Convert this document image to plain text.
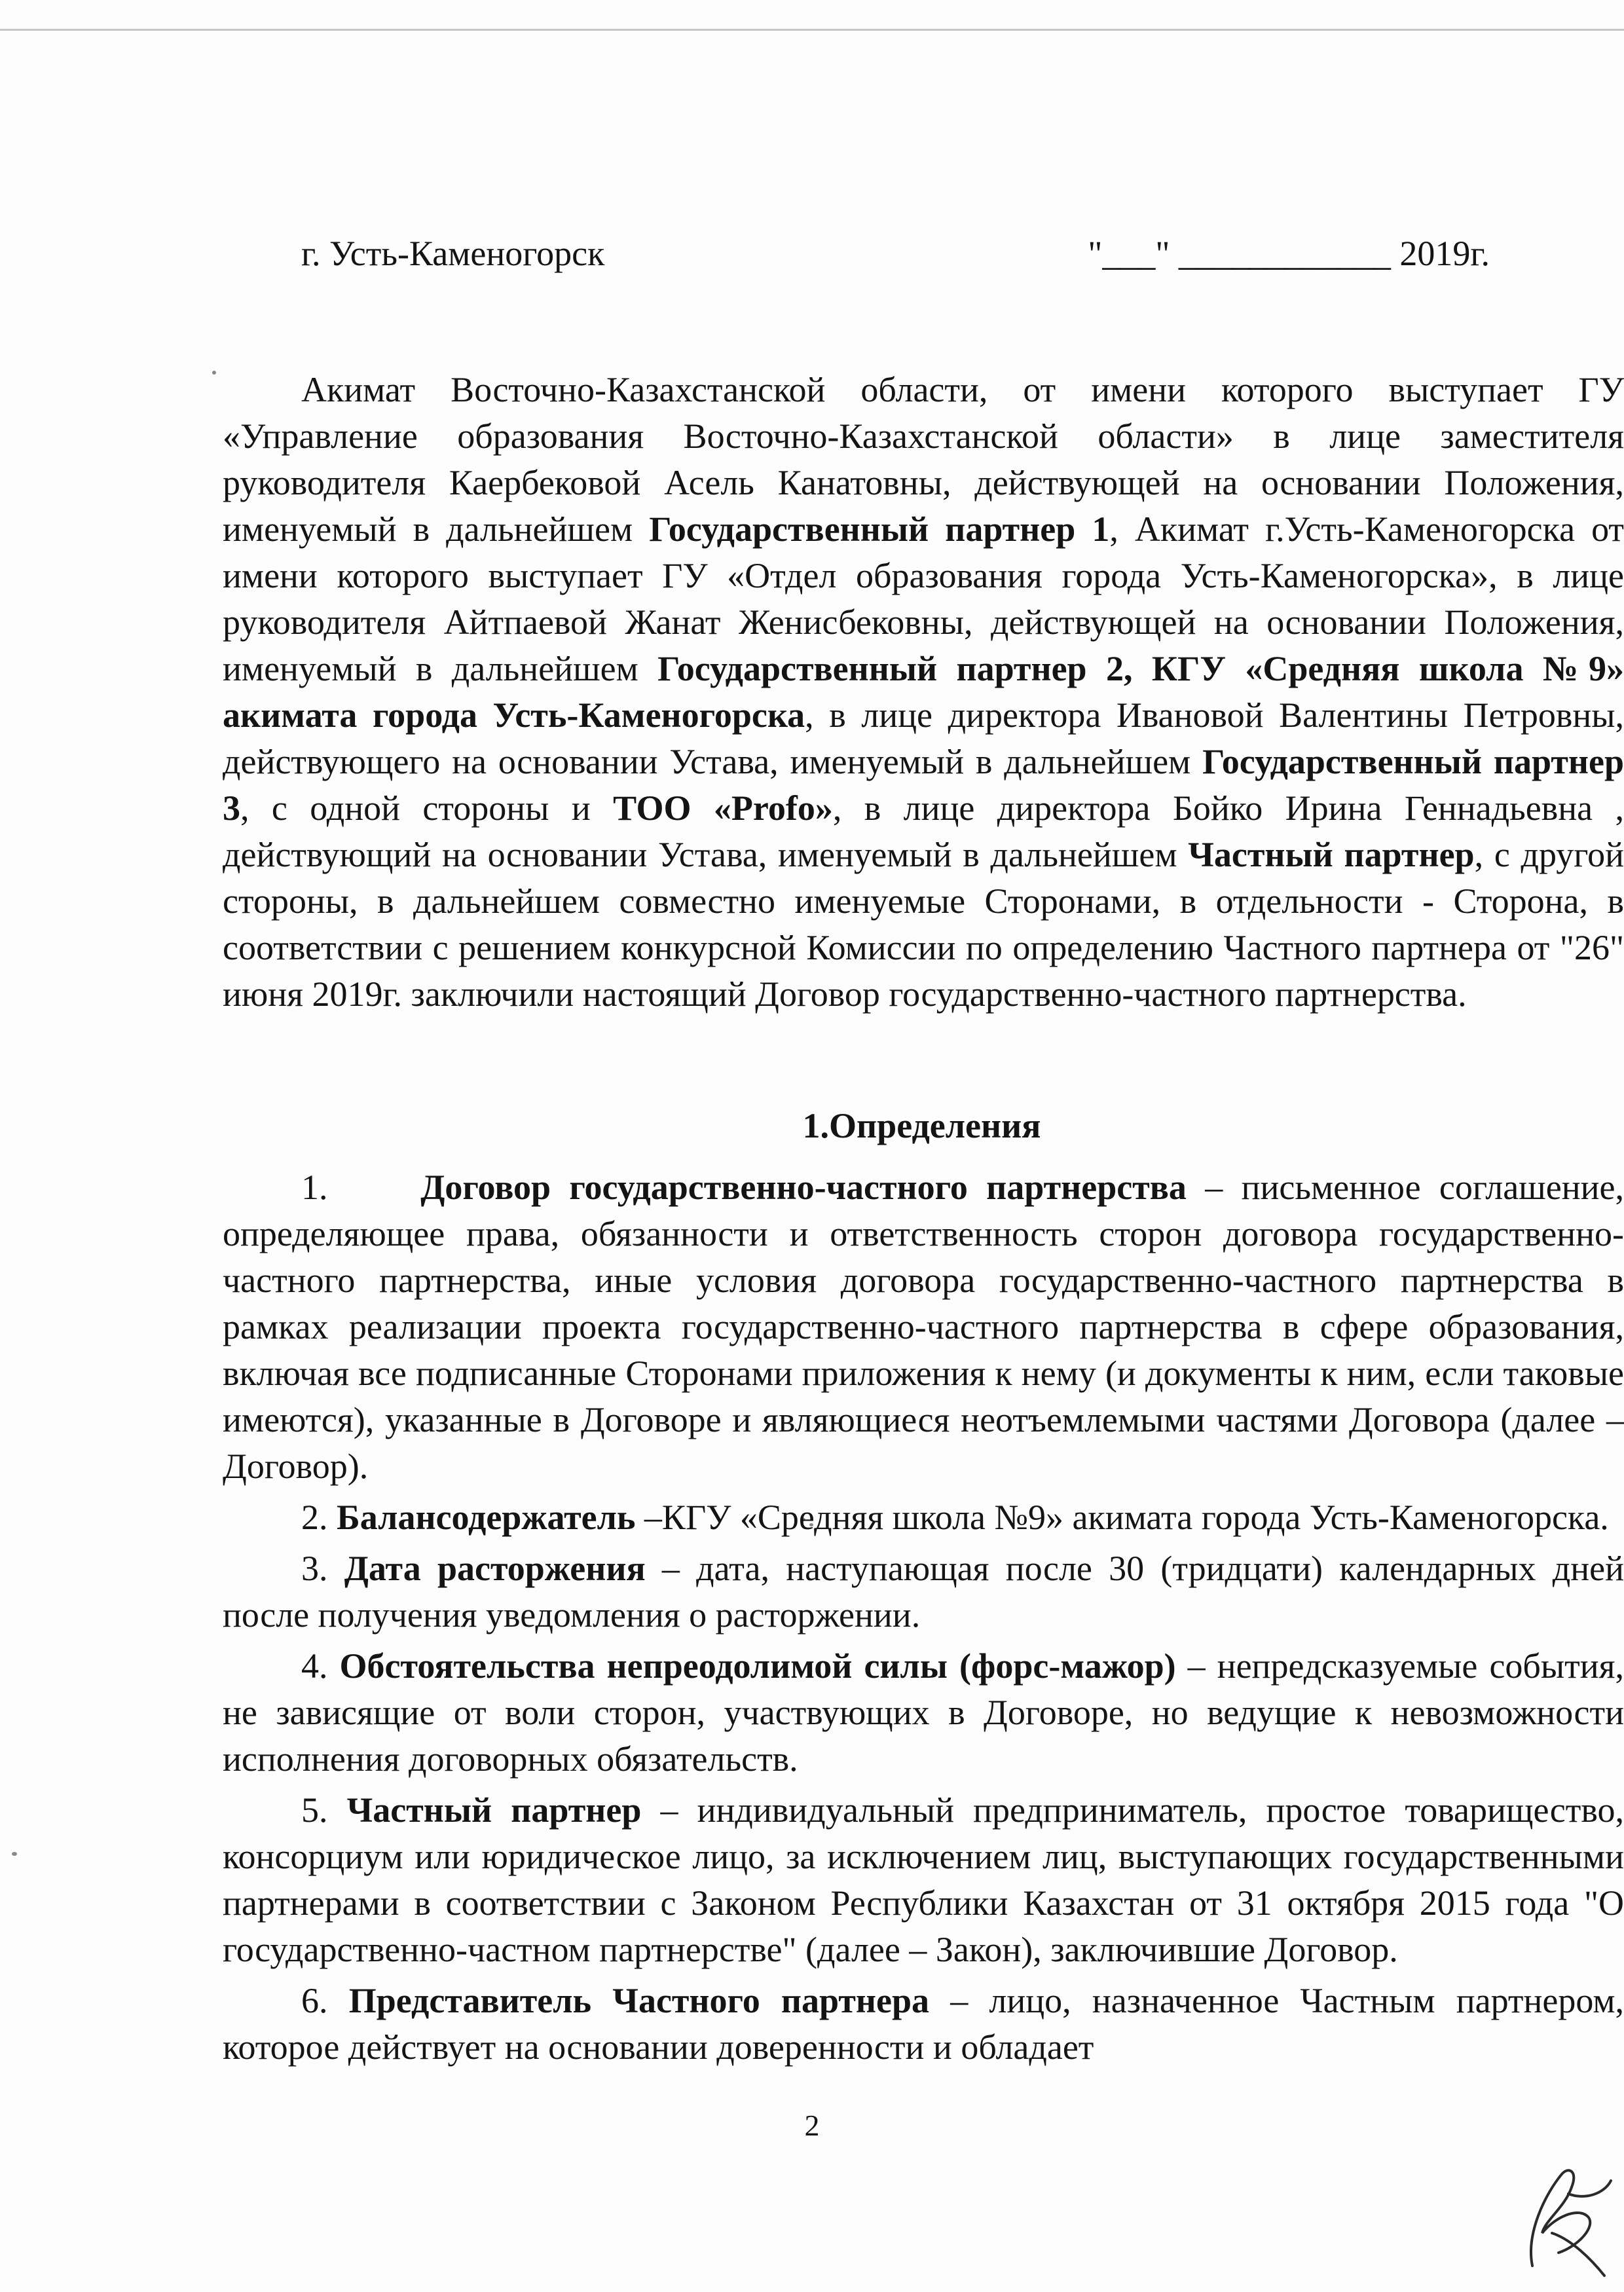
г. Усть-Каменогорск	"___" ____________ 2019г.

Акимат Восточно-Казахстанской области, от имени которого выступает ГУ «Управление образования Восточно-Казахстанской области» в лице заместителя руководителя Каербековой Асель Канатовны, действующей на основании Положения, именуемый в дальнейшем Государственный партнер 1, Акимат г.Усть-Каменогорска от имени которого выступает ГУ «Отдел образования города Усть-Каменогорска», в лице руководителя Айтпаевой Жанат Женисбековны, действующей на основании Положения, именуемый в дальнейшем Государственный партнер 2, КГУ «Средняя школа №9» акимата города Усть-Каменогорска, в лице директора Ивановой Валентины Петровны, действующего на основании Устава, именуемый в дальнейшем Государственный партнер 3, с одной стороны и ТОО «Profo», в лице директора Бойко Ирина Геннадьевна , действующий на основании Устава, именуемый в дальнейшем Частный партнер, с другой стороны, в дальнейшем совместно именуемые Сторонами, в отдельности - Сторона, в соответствии с решением конкурсной Комиссии по определению Частного партнера от "26" июня 2019г. заключили настоящий Договор государственно-частного партнерства.

1.Определения

1.	Договор государственно-частного партнерства – письменное соглашение, определяющее права, обязанности и ответственность сторон договора государственно-частного партнерства, иные условия договора государственно-частного партнерства в рамках реализации проекта государственно-частного партнерства в сфере образования, включая все подписанные Сторонами приложения к нему (и документы к ним, если таковые имеются), указанные в Договоре и являющиеся неотъемлемыми частями Договора (далее – Договор).

2. Балансодержатель –КГУ «Средняя школа №9» акимата города Усть-Каменогорска.

3. Дата расторжения – дата, наступающая после 30 (тридцати) календарных дней после получения уведомления о расторжении.

4. Обстоятельства непреодолимой силы (форс-мажор) – непредсказуемые события, не зависящие от воли сторон, участвующих в Договоре, но ведущие к невозможности исполнения договорных обязательств.

5. Частный партнер – индивидуальный предприниматель, простое товарищество, консорциум или юридическое лицо, за исключением лиц, выступающих государственными партнерами в соответствии с Законом Республики Казахстан от 31 октября 2015 года "О государственно-частном партнерстве" (далее – Закон), заключившие Договор.

6. Представитель Частного партнера – лицо, назначенное Частным партнером, которое действует на основании доверенности и обладает

2
